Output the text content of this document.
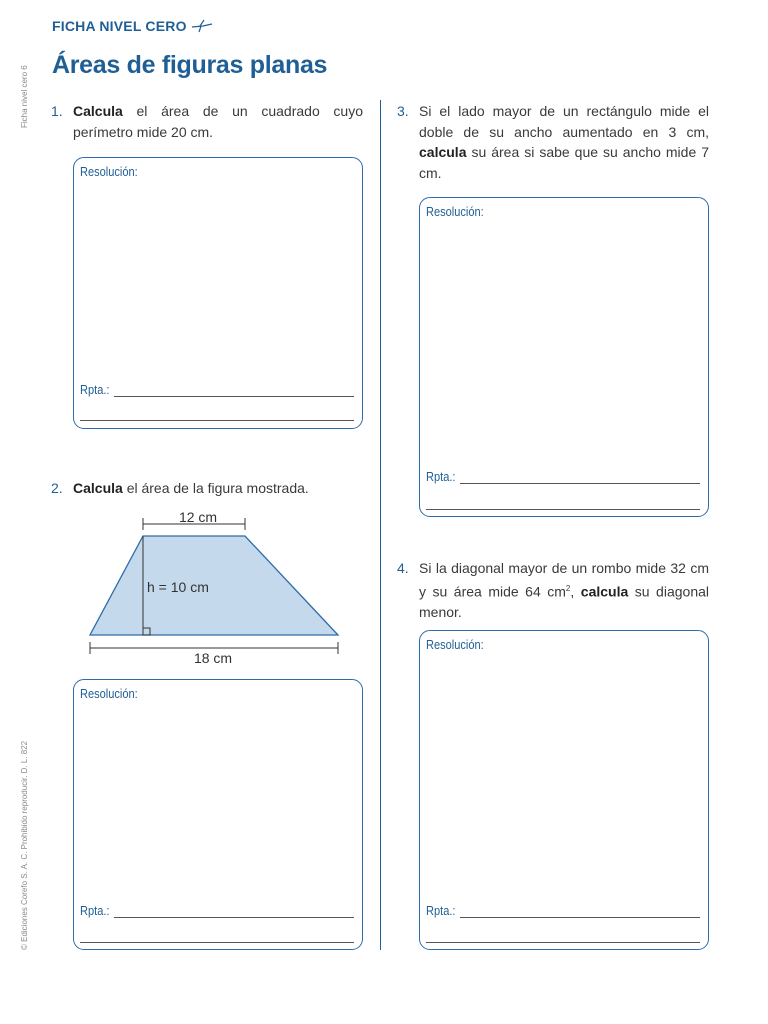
Ficha nivel cero 6
© Ediciones Corefo S. A. C. Prohibido reproducir. D. L. 822
FICHA NIVEL CERO
Áreas de figuras planas
1. Calcula el área de un cuadrado cuyo perímetro mide 20 cm.
Resolución:
Rpta.:
2. Calcula el área de la figura mostrada.
12 cm
h = 10 cm
18 cm
Resolución:
Rpta.:
3. Si el lado mayor de un rectángulo mide el doble de su ancho aumentado en 3 cm, calcula su área si sabe que su ancho mide 7 cm.
Resolución:
Rpta.:
4. Si la diagonal mayor de un rombo mide 32 cm y su área mide 64 $cm^2$, calcula su diagonal menor.
Resolución:
Rpta.:
